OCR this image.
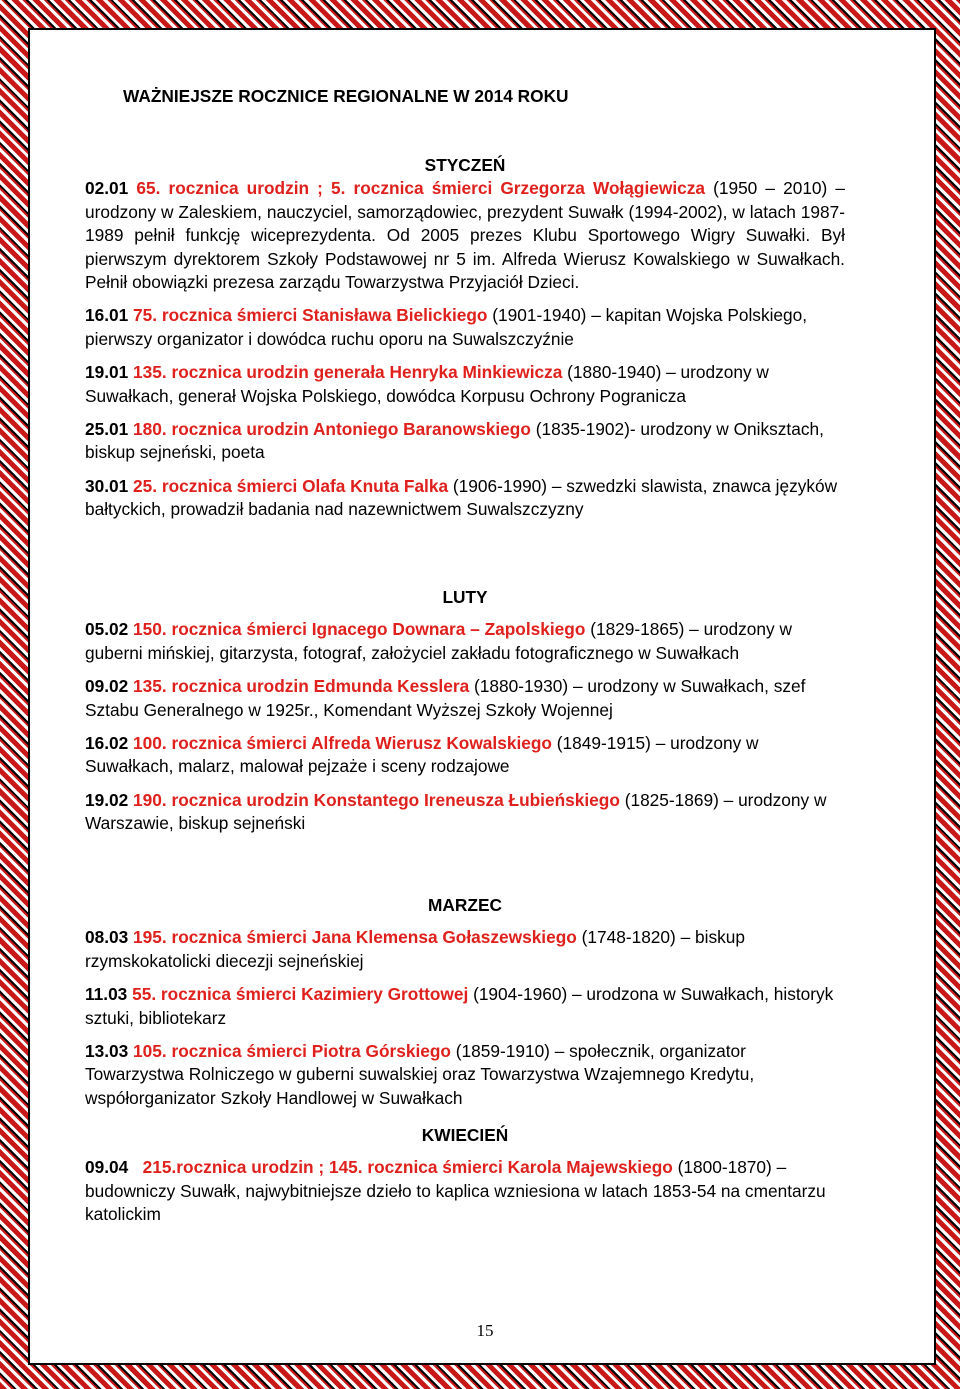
WAŻNIEJSZE ROCZNICE REGIONALNE W 2014 ROKU

STYCZEŃ

02.01 65. rocznica urodzin ; 5. rocznica śmierci Grzegorza Wołągiewicza (1950 – 2010) – urodzony w Zaleskiem, nauczyciel, samorządowiec, prezydent Suwałk (1994-2002), w latach 1987-1989 pełnił funkcję wiceprezydenta. Od 2005 prezes Klubu Sportowego Wigry Suwałki. Był pierwszym dyrektorem Szkoły Podstawowej nr 5 im. Alfreda Wierusz Kowalskiego w Suwałkach. Pełnił obowiązki prezesa zarządu Towarzystwa Przyjaciół Dzieci.

16.01 75. rocznica śmierci Stanisława Bielickiego (1901-1940) – kapitan Wojska Polskiego, pierwszy organizator i dowódca ruchu oporu na Suwalszczyźnie

19.01 135. rocznica urodzin generała Henryka Minkiewicza (1880-1940) – urodzony w Suwałkach, generał Wojska Polskiego, dowódca Korpusu Ochrony Pogranicza

25.01 180. rocznica urodzin Antoniego Baranowskiego (1835-1902)- urodzony w Oniksztach, biskup sejneński, poeta

30.01 25. rocznica śmierci Olafa Knuta Falka (1906-1990) – szwedzki slawista, znawca języków bałtyckich, prowadził badania nad nazewnictwem Suwalszczyzny

LUTY

05.02 150. rocznica śmierci Ignacego Downara – Zapolskiego (1829-1865) – urodzony w guberni mińskiej, gitarzysta, fotograf, założyciel zakładu fotograficznego w Suwałkach

09.02 135. rocznica urodzin Edmunda Kesslera (1880-1930) – urodzony w Suwałkach, szef Sztabu Generalnego w 1925r., Komendant Wyższej Szkoły Wojennej

16.02 100. rocznica śmierci Alfreda Wierusz Kowalskiego (1849-1915) – urodzony w Suwałkach, malarz, malował pejzaże i sceny rodzajowe

19.02 190. rocznica urodzin Konstantego Ireneusza Łubieńskiego (1825-1869) – urodzony w Warszawie, biskup sejneński

MARZEC

08.03 195. rocznica śmierci Jana Klemensa Gołaszewskiego (1748-1820) – biskup rzymskokatolicki diecezji sejneńskiej

11.03 55. rocznica śmierci Kazimiery Grottowej (1904-1960) – urodzona w Suwałkach, historyk sztuki, bibliotekarz

13.03 105. rocznica śmierci Piotra Górskiego (1859-1910) – społecznik, organizator Towarzystwa Rolniczego w guberni suwalskiej oraz Towarzystwa Wzajemnego Kredytu, współorganizator Szkoły Handlowej w Suwałkach

KWIECIEŃ

09.04   215.rocznica urodzin ; 145. rocznica śmierci Karola Majewskiego (1800-1870) – budowniczy Suwałk, najwybitniejsze dzieło to kaplica wzniesiona w latach 1853-54 na cmentarzu katolickim

15
